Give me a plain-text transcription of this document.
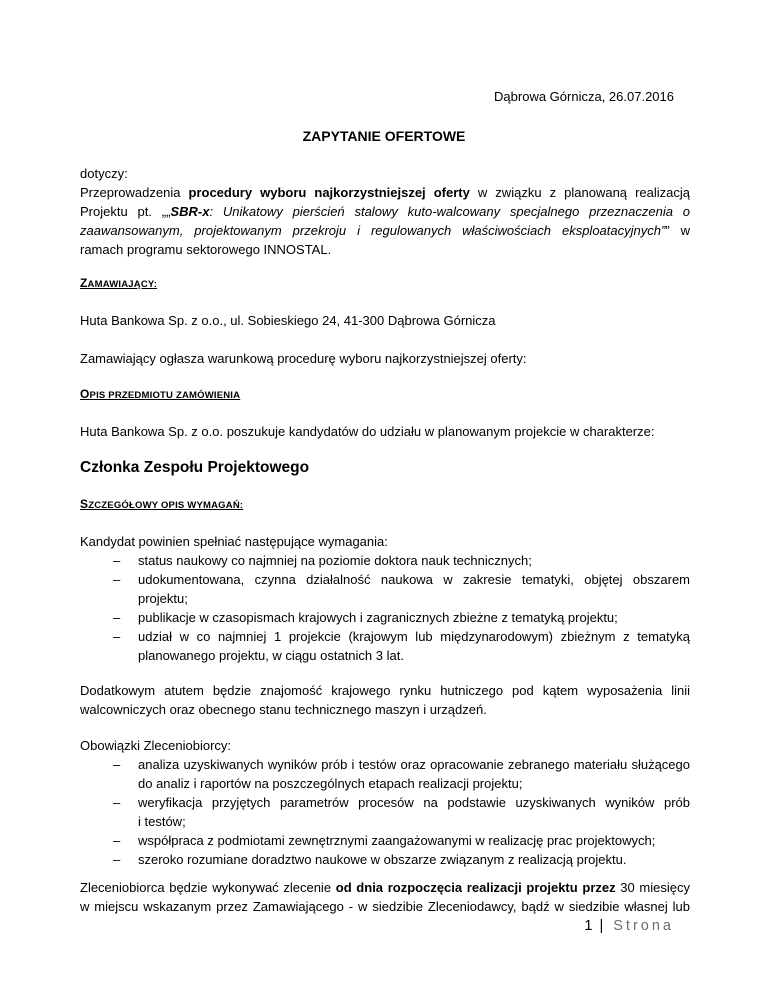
Dąbrowa Górnicza, 26.07.2016
ZAPYTANIE OFERTOWE
dotyczy:
Przeprowadzenia procedury wyboru najkorzystniejszej oferty w związku z planowaną realizacją
Projektu pt. „„SBR-x: Unikatowy pierścień stalowy kuto-walcowany specjalnego przeznaczenia o
zaawansowanym, projektowanym przekroju i regulowanych właściwościach eksploatacyjnych”” w
ramach programu sektorowego INNOSTAL.
ZAMAWIAJĄCY:
Huta Bankowa Sp. z o.o., ul. Sobieskiego 24, 41-300 Dąbrowa Górnicza
Zamawiający ogłasza warunkową procedurę wyboru najkorzystniejszej oferty:
OPIS PRZEDMIOTU ZAMÓWIENIA
Huta Bankowa Sp. z o.o. poszukuje kandydatów do udziału w planowanym projekcie w charakterze:
Członka Zespołu Projektowego
SZCZEGÓŁOWY OPIS WYMAGAŃ:
Kandydat powinien spełniać następujące wymagania:
– status naukowy co najmniej na poziomie doktora nauk technicznych;
– udokumentowana, czynna działalność naukowa w zakresie tematyki, objętej obszarem
projektu;
– publikacje w czasopismach krajowych i zagranicznych zbieżne z tematyką projektu;
– udział w co najmniej 1 projekcie (krajowym lub międzynarodowym) zbieżnym z tematyką
planowanego projektu, w ciągu ostatnich 3 lat.
Dodatkowym atutem będzie znajomość krajowego rynku hutniczego pod kątem wyposażenia linii
walcowniczych oraz obecnego stanu technicznego maszyn i urządzeń.
Obowiązki Zleceniobiorcy:
– analiza uzyskiwanych wyników prób i testów oraz opracowanie zebranego materiału służącego
do analiz i raportów na poszczególnych etapach realizacji projektu;
– weryfikacja przyjętych parametrów procesów na podstawie uzyskiwanych wyników prób
i testów;
– współpraca z podmiotami zewnętrznymi zaangażowanymi w realizację prac projektowych;
– szeroko rozumiane doradztwo naukowe w obszarze związanym z realizacją projektu.
Zleceniobiorca będzie wykonywać zlecenie od dnia rozpoczęcia realizacji projektu przez 30 miesięcy
w miejscu wskazanym przez Zamawiającego - w siedzibie Zleceniodawcy, bądź w siedzibie własnej lub
1 | Strona
